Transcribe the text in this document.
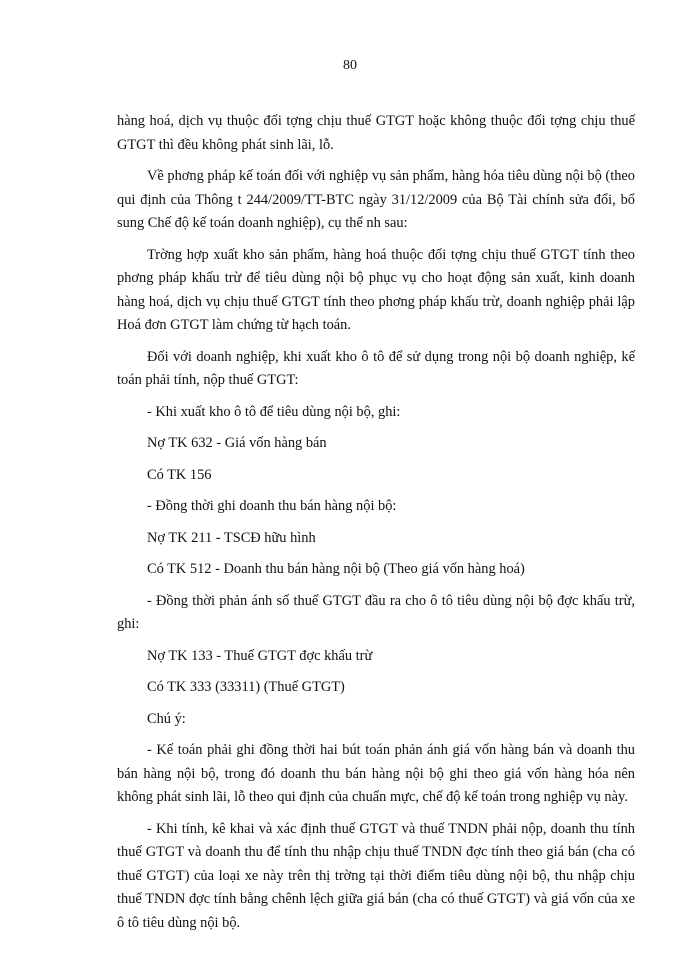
80

hàng hoá, dịch vụ thuộc đối tợng chịu thuế GTGT hoặc không thuộc đối tợng chịu thuế GTGT thì đều không phát sinh lãi, lỗ.

Về phơng pháp kế toán đối với nghiệp vụ sản phẩm, hàng hóa tiêu dùng nội bộ (theo qui định của Thông t 244/2009/TT-BTC ngày 31/12/2009 của Bộ Tài chính sửa đổi, bổ sung Chế độ kế toán doanh nghiệp), cụ thể nh sau:

Trờng hợp xuất kho sản phẩm, hàng hoá thuộc đối tợng chịu thuế GTGT tính theo phơng pháp khấu trừ để tiêu dùng nội bộ phục vụ cho hoạt động sản xuất, kinh doanh hàng hoá, dịch vụ chịu thuế GTGT tính theo phơng pháp khấu trừ, doanh nghiệp phải lập Hoá đơn GTGT làm chứng từ hạch toán.

Đối với doanh nghiệp, khi xuất kho ô tô để sử dụng trong nội bộ doanh nghiệp, kế toán phải tính, nộp thuế GTGT:

- Khi xuất kho ô tô để tiêu dùng nội bộ, ghi:

Nợ TK 632 - Giá vốn hàng bán

Có TK 156

- Đồng thời ghi doanh thu bán hàng nội bộ:

Nợ TK 211 - TSCĐ hữu hình

Có TK 512 - Doanh thu bán hàng nội bộ (Theo giá vốn hàng hoá)

- Đồng thời phản ánh số thuế GTGT đầu ra cho ô tô tiêu dùng nội bộ đợc khấu trừ, ghi:

Nợ TK 133 - Thuế GTGT đợc khấu trừ

Có TK 333 (33311) (Thuế GTGT)

Chú ý:

- Kế toán phải ghi đồng thời hai bút toán phản ánh giá vốn hàng bán và doanh thu bán hàng nội bộ, trong đó doanh thu bán hàng nội bộ ghi theo giá vốn hàng hóa nên không phát sinh lãi, lỗ theo qui định của chuẩn mực, chế độ kế toán trong nghiệp vụ này.

- Khi tính, kê khai và xác định thuế GTGT và thuế TNDN phải nộp, doanh thu tính thuế GTGT và doanh thu để tính thu nhập chịu thuế TNDN đợc tính theo giá bán (cha có thuế GTGT) của loại xe này trên thị trờng tại thời điểm tiêu dùng nội bộ, thu nhập chịu thuế TNDN đợc tính bằng chênh lệch giữa giá bán (cha có thuế GTGT) và giá vốn của xe ô tô tiêu dùng nội bộ.
